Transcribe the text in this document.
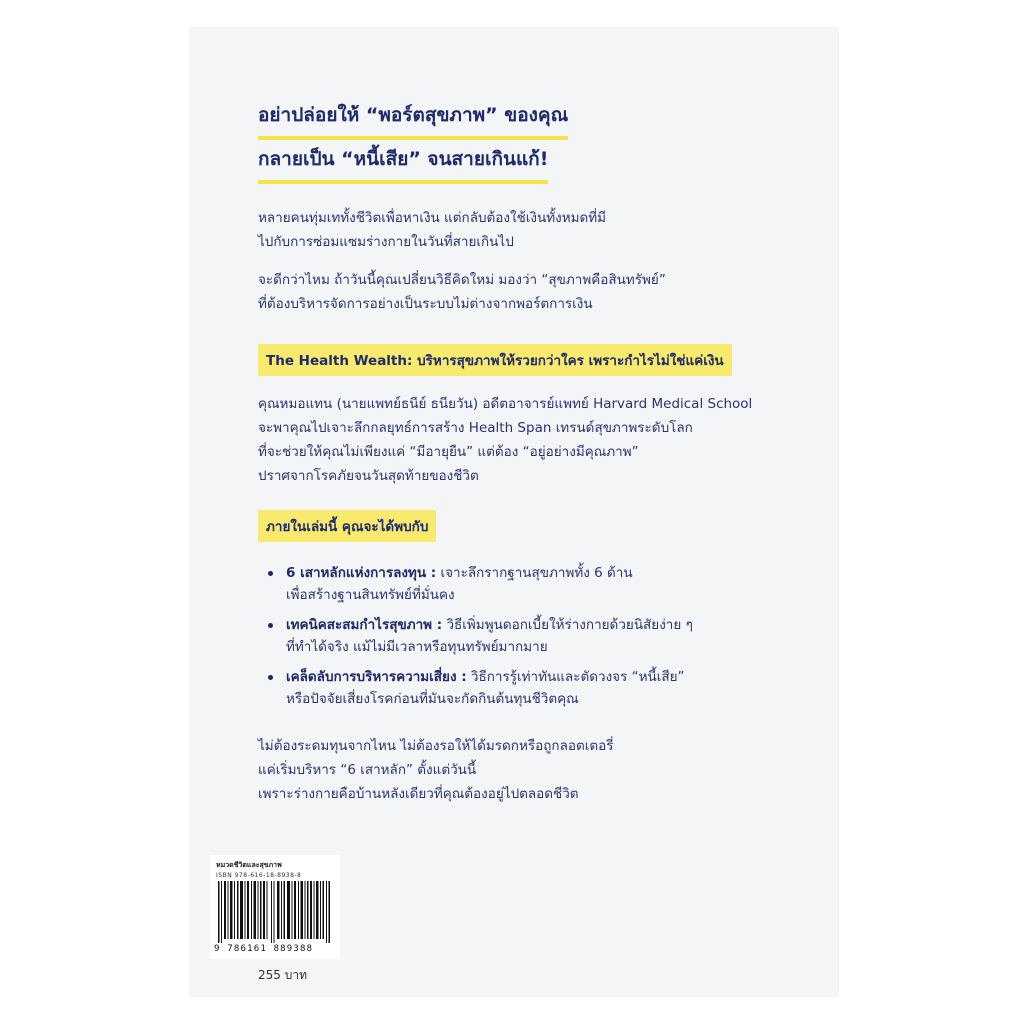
อย่าปล่อยให้ “พอร์ตสุขภาพ” ของคุณ
กลายเป็น “หนี้เสีย” จนสายเกินแก้!
หลายคนทุ่มเททั้งชีวิตเพื่อหาเงิน แต่กลับต้องใช้เงินทั้งหมดที่มี
ไปกับการซ่อมแซมร่างกายในวันที่สายเกินไป
จะดีกว่าไหม ถ้าวันนี้คุณเปลี่ยนวิธีคิดใหม่ มองว่า “สุขภาพคือสินทรัพย์”
ที่ต้องบริหารจัดการอย่างเป็นระบบไม่ต่างจากพอร์ตการเงิน
The Health Wealth: บริหารสุขภาพให้รวยกว่าใคร เพราะกำไรไม่ใช่แค่เงิน
คุณหมอแทน (นายแพทย์ธนีย์ ธนียวัน) อดีตอาจารย์แพทย์ Harvard Medical School
จะพาคุณไปเจาะลึกกลยุทธ์การสร้าง Health Span เทรนด์สุขภาพระดับโลก
ที่จะช่วยให้คุณไม่เพียงแค่ “มีอายุยืน” แต่ต้อง “อยู่อย่างมีคุณภาพ”
ปราศจากโรคภัยจนวันสุดท้ายของชีวิต
ภายในเล่มนี้ คุณจะได้พบกับ
6 เสาหลักแห่งการลงทุน : เจาะลึกรากฐานสุขภาพทั้ง 6 ด้าน
เพื่อสร้างฐานสินทรัพย์ที่มั่นคง
เทคนิคสะสมกำไรสุขภาพ : วิธีเพิ่มพูนดอกเบี้ยให้ร่างกายด้วยนิสัยง่าย ๆ
ที่ทำได้จริง แม้ไม่มีเวลาหรือทุนทรัพย์มากมาย
เคล็ดลับการบริหารความเสี่ยง : วิธีการรู้เท่าทันและตัดวงจร “หนี้เสีย”
หรือปัจจัยเสี่ยงโรคก่อนที่มันจะกัดกินต้นทุนชีวิตคุณ
ไม่ต้องระดมทุนจากไหน ไม่ต้องรอให้ได้มรดกหรือถูกลอตเตอรี่
แค่เริ่มบริหาร “6 เสาหลัก” ตั้งแต่วันนี้
เพราะร่างกายคือบ้านหลังเดียวที่คุณต้องอยู่ไปตลอดชีวิต
หมวดชีวิตและสุขภาพ
ISBN 978-616-18-8938-8
9 786161 889388
255 บาท
